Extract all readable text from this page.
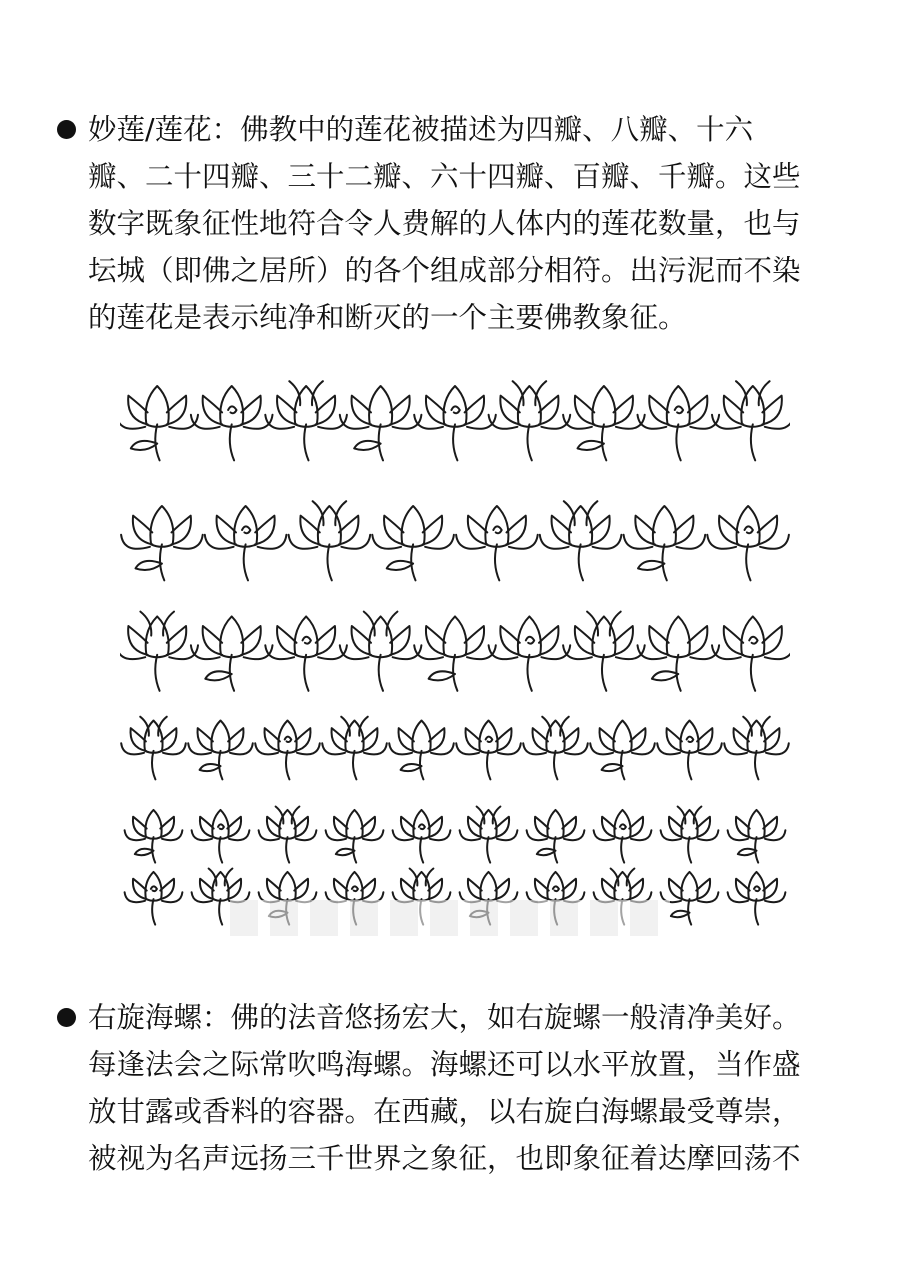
妙莲/莲花：佛教中的莲花被描述为四瓣、八瓣、十六
瓣、二十四瓣、三十二瓣、六十四瓣、百瓣、千瓣。这些
数字既象征性地符合令人费解的人体内的莲花数量，也与
坛城（即佛之居所）的各个组成部分相符。出污泥而不染
的莲花是表示纯净和断灭的一个主要佛教象征。
右旋海螺：佛的法音悠扬宏大，如右旋螺一般清净美好。
每逢法会之际常吹鸣海螺。海螺还可以水平放置，当作盛
放甘露或香料的容器。在西藏，以右旋白海螺最受尊崇，
被视为名声远扬三千世界之象征，也即象征着达摩回荡不
